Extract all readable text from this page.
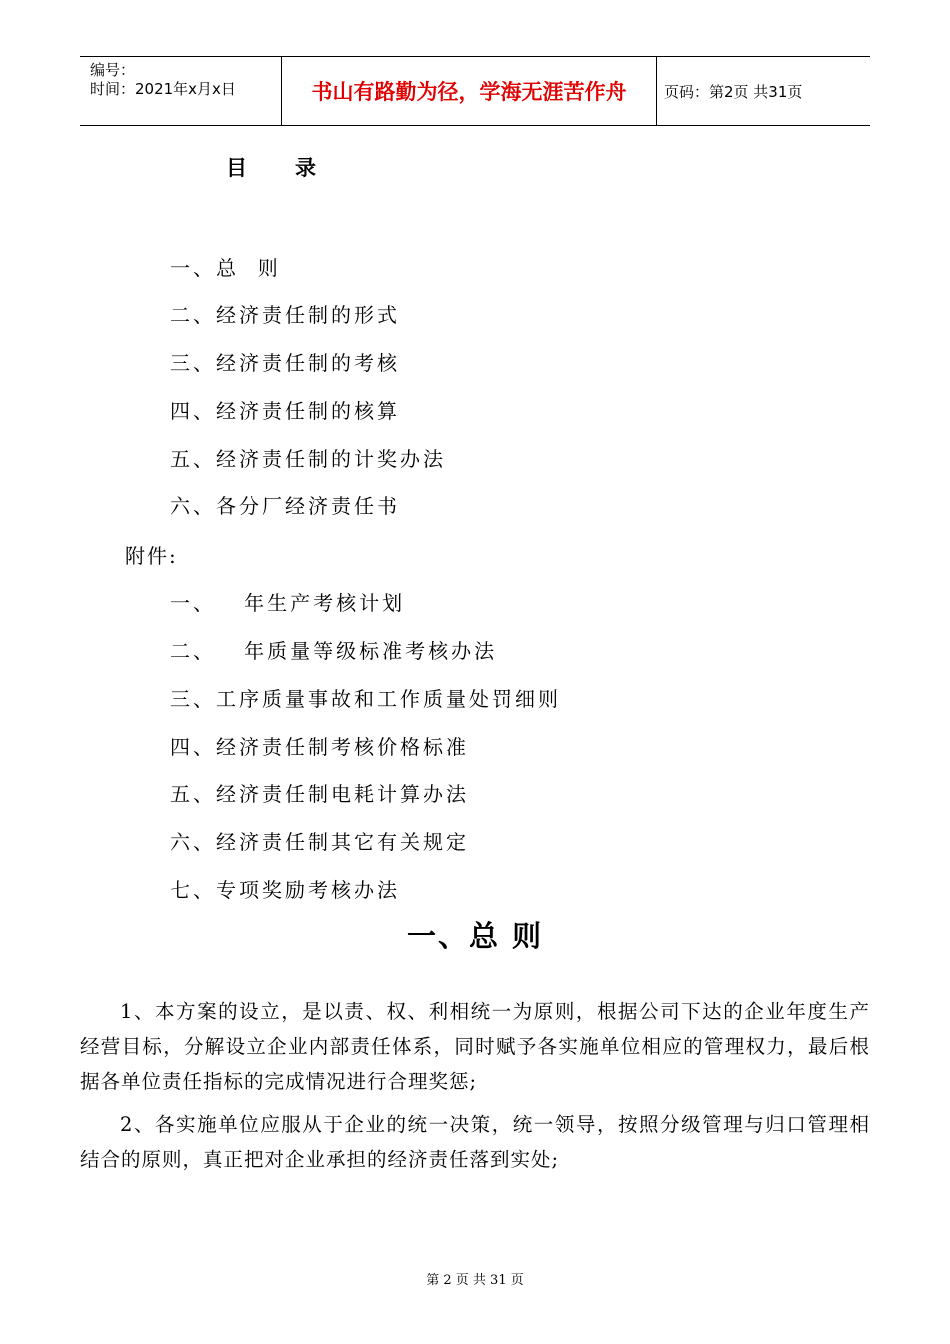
编号：
时间：2021年x月x日	书山有路勤为径，学海无涯苦作舟	页码：第2页 共31页
目录
一、总  则
二、经济责任制的形式
三、经济责任制的考核
四、经济责任制的核算
五、经济责任制的计奖办法
六、各分厂经济责任书
附件:
一、   年生产考核计划
二、   年质量等级标准考核办法
三、工序质量事故和工作质量处罚细则
四、经济责任制考核价格标准
五、经济责任制电耗计算办法
六、经济责任制其它有关规定
七、专项奖励考核办法
一、总 则
1、本方案的设立，是以责、权、利相统一为原则，根据公司下达的企业年度生产经营目标，分解设立企业内部责任体系，同时赋予各实施单位相应的管理权力，最后根据各单位责任指标的完成情况进行合理奖惩;
2、各实施单位应服从于企业的统一决策，统一领导，按照分级管理与归口管理相结合的原则，真正把对企业承担的经济责任落到实处;
第 2 页 共 31 页
